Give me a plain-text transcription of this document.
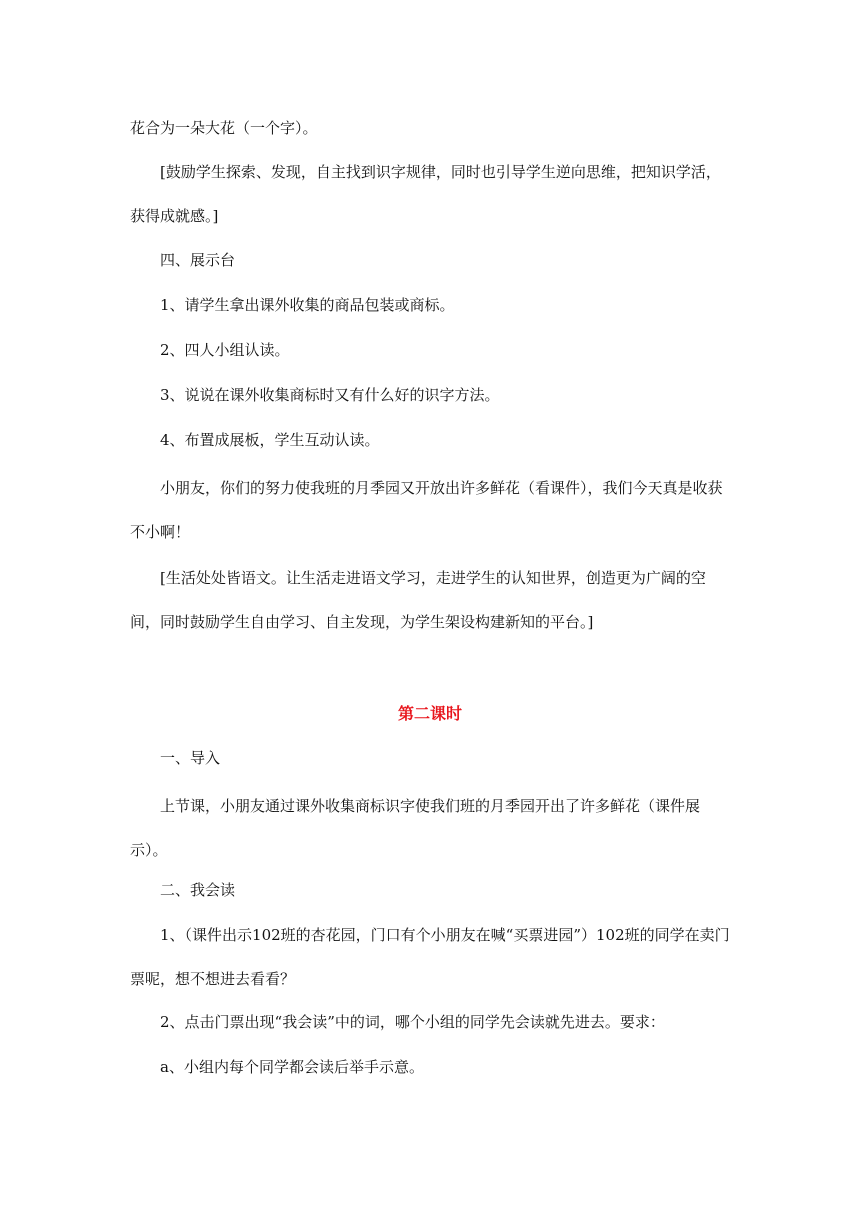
花合为一朵大花（一个字）。
[鼓励学生探索、发现，自主找到识字规律，同时也引导学生逆向思维，把知识学活，获得成就感。]
四、展示台
1、请学生拿出课外收集的商品包装或商标。
2、四人小组认读。
3、说说在课外收集商标时又有什么好的识字方法。
4、布置成展板，学生互动认读。
小朋友，你们的努力使我班的月季园又开放出许多鲜花（看课件），我们今天真是收获不小啊！
[生活处处皆语文。让生活走进语文学习，走进学生的认知世界，创造更为广阔的空间，同时鼓励学生自由学习、自主发现，为学生架设构建新知的平台。]
第二课时
一、导入
上节课，小朋友通过课外收集商标识字使我们班的月季园开出了许多鲜花（课件展示）。
二、我会读
1、（课件出示102班的杏花园，门口有个小朋友在喊“买票进园”）102班的同学在卖门票呢，想不想进去看看？
2、点击门票出现“我会读”中的词，哪个小组的同学先会读就先进去。要求：
a、小组内每个同学都会读后举手示意。
